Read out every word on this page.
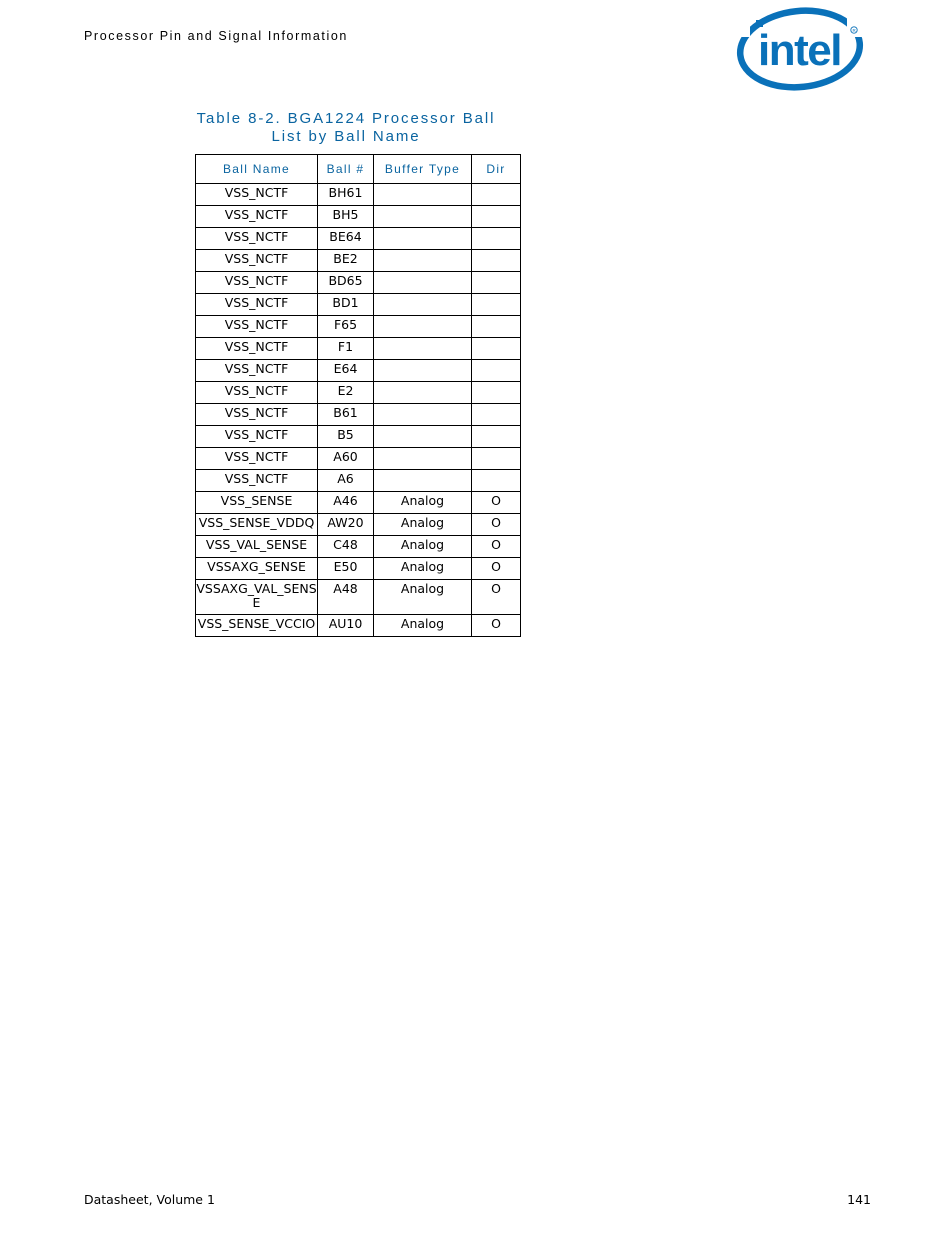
Processor Pin and Signal Information	intel	R
Table 8-2. BGA1224 Processor Ball
List by Ball Name
Ball Name	Ball #	Buffer Type	Dir
VSS_NCTF	BH61		
VSS_NCTF	BH5		
VSS_NCTF	BE64		
VSS_NCTF	BE2		
VSS_NCTF	BD65		
VSS_NCTF	BD1		
VSS_NCTF	F65		
VSS_NCTF	F1		
VSS_NCTF	E64		
VSS_NCTF	E2		
VSS_NCTF	B61		
VSS_NCTF	B5		
VSS_NCTF	A60		
VSS_NCTF	A6		
VSS_SENSE	A46	Analog	O
VSS_SENSE_VDDQ	AW20	Analog	O
VSS_VAL_SENSE	C48	Analog	O
VSSAXG_SENSE	E50	Analog	O
VSSAXG_VAL_SENSE	A48	Analog	O
VSS_SENSE_VCCIO	AU10	Analog	O
Datasheet, Volume 1	141
